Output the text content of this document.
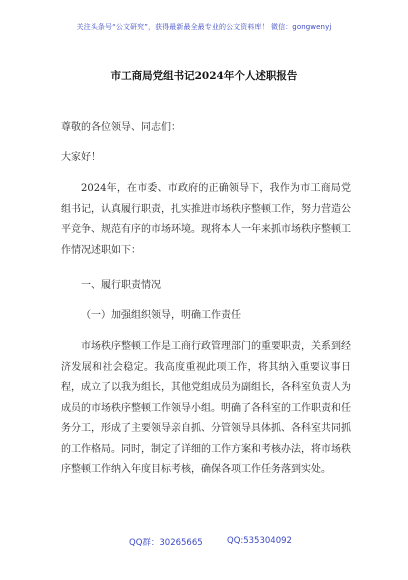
关注头条号“公文研究”，获得最新最全最专业的公文资料库！ 微信：gongwenyj
市工商局党组书记2024年个人述职报告

尊敬的各位领导、同志们：

大家好！

2024年，在市委、市政府的正确领导下，我作为市工商局党组书记，认真履行职责，扎实推进市场秩序整顿工作，努力营造公平竞争、规范有序的市场环境。现将本人一年来抓市场秩序整顿工作情况述职如下：

一、履行职责情况

（一）加强组织领导，明确工作责任

市场秩序整顿工作是工商行政管理部门的重要职责，关系到经济发展和社会稳定。我高度重视此项工作，将其纳入重要议事日程，成立了以我为组长，其他党组成员为副组长，各科室负责人为成员的市场秩序整顿工作领导小组。明确了各科室的工作职责和任务分工，形成了主要领导亲自抓、分管领导具体抓、各科室共同抓的工作格局。同时，制定了详细的工作方案和考核办法，将市场秩序整顿工作纳入年度目标考核，确保各项工作任务落到实处。

QQ群：30265665	QQ:535304092
